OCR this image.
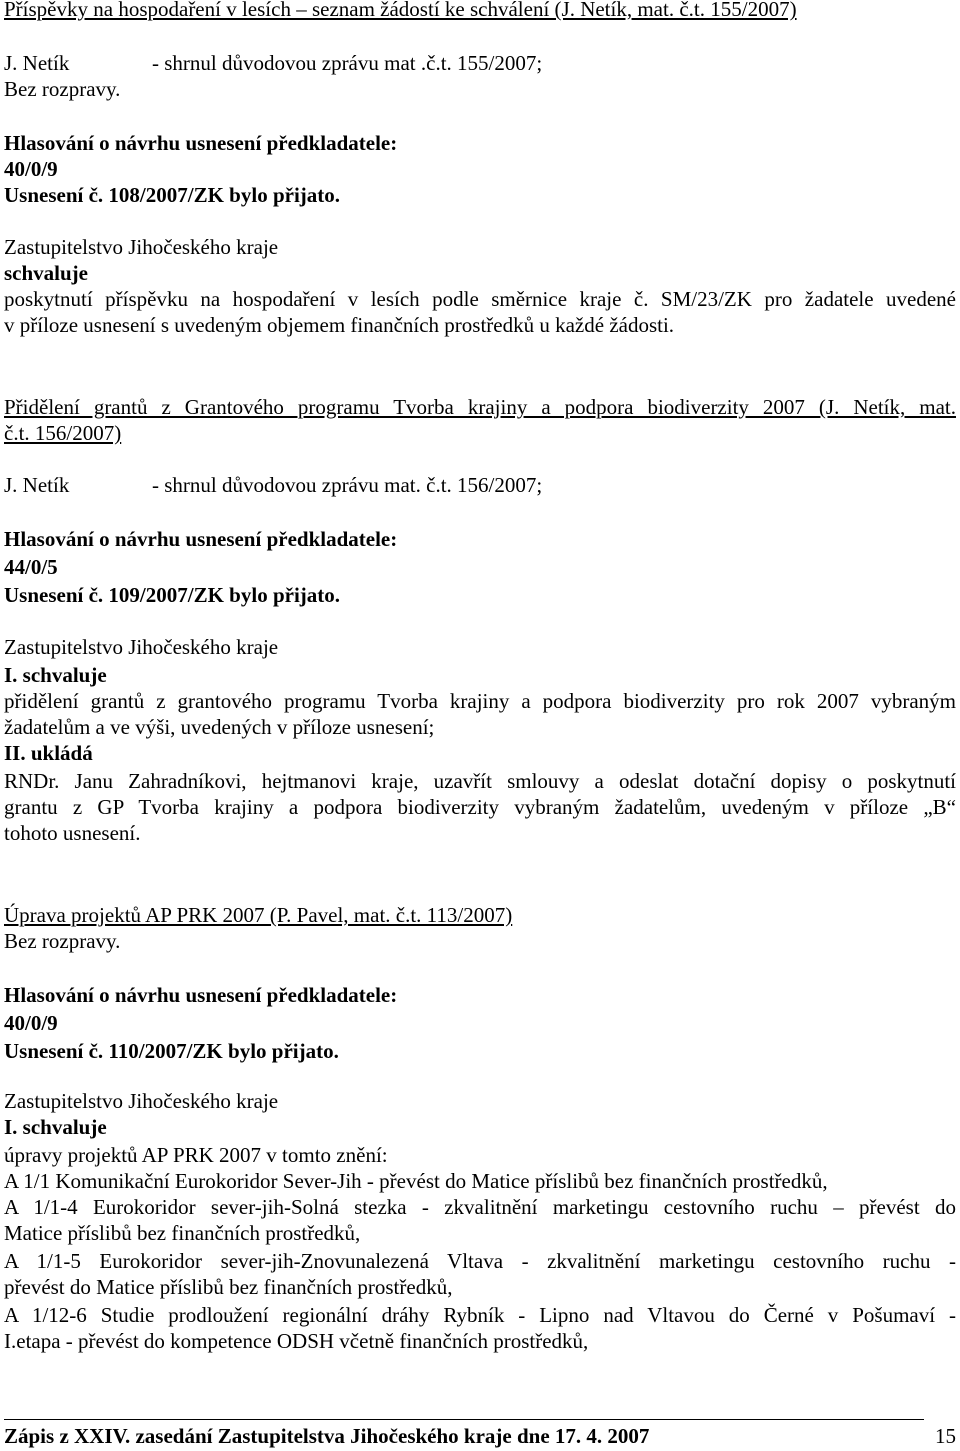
Příspěvky na hospodaření v lesích – seznam žádostí ke schválení (J. Netík, mat. č.t. 155/2007)
J. Netík	- shrnul důvodovou zprávu mat .č.t. 155/2007;
Bez rozpravy.
Hlasování o návrhu usnesení předkladatele:
40/0/9
Usnesení č. 108/2007/ZK bylo přijato.
Zastupitelstvo Jihočeského kraje
schvaluje
poskytnutí příspěvku na hospodaření v lesích podle směrnice kraje č. SM/23/ZK pro žadatele uvedené
v příloze usnesení s uvedeným objemem finančních prostředků u každé žádosti.
Přidělení grantů z Grantového programu Tvorba krajiny a podpora biodiverzity 2007 (J. Netík, mat.
č.t. 156/2007)
J. Netík	- shrnul důvodovou zprávu mat. č.t. 156/2007;
Hlasování o návrhu usnesení předkladatele:
44/0/5
Usnesení č. 109/2007/ZK bylo přijato.
Zastupitelstvo Jihočeského kraje
I. schvaluje
přidělení grantů z grantového programu Tvorba krajiny a podpora biodiverzity pro rok 2007 vybraným
žadatelům a ve výši, uvedených v příloze usnesení;
II. ukládá
RNDr. Janu Zahradníkovi, hejtmanovi kraje, uzavřít smlouvy a odeslat dotační dopisy o poskytnutí
grantu z GP Tvorba krajiny a podpora biodiverzity vybraným žadatelům, uvedeným v příloze „B“
tohoto usnesení.
Úprava projektů AP PRK 2007 (P. Pavel, mat. č.t. 113/2007)
Bez rozpravy.
Hlasování o návrhu usnesení předkladatele:
40/0/9
Usnesení č. 110/2007/ZK bylo přijato.
Zastupitelstvo Jihočeského kraje
I. schvaluje
úpravy projektů AP PRK 2007 v tomto znění:
A 1/1 Komunikační Eurokoridor Sever-Jih - převést do Matice příslibů bez finančních prostředků,
A 1/1-4 Eurokoridor sever-jih-Solná stezka - zkvalitnění marketingu cestovního ruchu – převést do
Matice příslibů bez finančních prostředků,
A 1/1-5 Eurokoridor sever-jih-Znovunalezená Vltava - zkvalitnění marketingu cestovního ruchu -
převést do Matice příslibů bez finančních prostředků,
A 1/12-6 Studie prodloužení regionální dráhy Rybník - Lipno nad Vltavou do Černé v Pošumaví -
I.etapa - převést do kompetence ODSH včetně finančních prostředků,
Zápis z XXIV. zasedání Zastupitelstva Jihočeského kraje dne 17. 4. 2007	15
